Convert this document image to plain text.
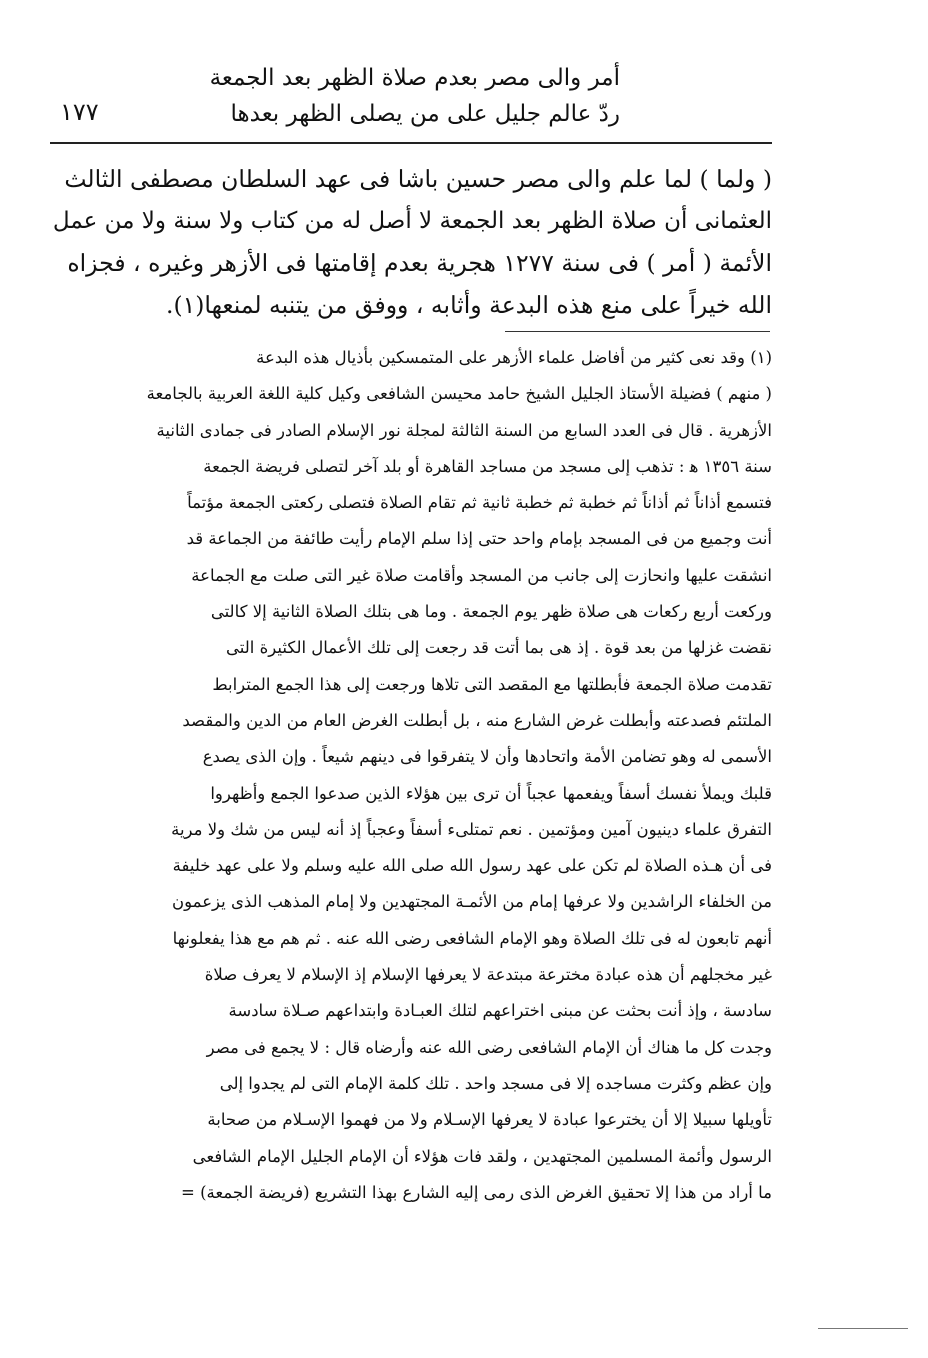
أمر والى مصر بعدم صلاة الظهر بعد الجمعة
ردّ عالم جليل على من يصلى الظهر بعدها
١٧٧
( ولما ) لما علم والى مصر حسين باشا فى عهد السلطان مصطفى الثالث
العثمانى أن صلاة الظهر بعد الجمعة لا أصل له من كتاب ولا سنة ولا من عمل
الأئمة ( أمر ) فى سنة ١٢٧٧ هجرية بعدم إقامتها فى الأزهر وغيره ، فجزاه
الله خيراً على منع هذه البدعة وأثابه ، ووفق من يتنبه لمنعها(١).
(١) وقد نعى كثير من أفاضل علماء الأزهر على المتمسكين بأذيال هذه البدعة
( منهم ) فضيلة الأستاذ الجليل الشيخ حامد محيسن الشافعى وكيل كلية اللغة العربية بالجامعة
الأزهرية . قال فى العدد السابع من السنة الثالثة لمجلة نور الإسلام الصادر فى جمادى الثانية
سنة ١٣٥٦ ﻫ : تذهب إلى مسجد من مساجد القاهرة أو بلد آخر لتصلى فريضة الجمعة
فتسمع أذاناً ثم أذاناً ثم خطبة ثم خطبة ثانية ثم تقام الصلاة فتصلى ركعتى الجمعة مؤتماً
أنت وجميع من فى المسجد بإمام واحد حتى إذا سلم الإمام رأيت طائفة من الجماعة قد
انشقت عليها وانحازت إلى جانب من المسجد وأقامت صلاة غير التى صلت مع الجماعة
وركعت أربع ركعات هى صلاة ظهر يوم الجمعة . وما هى بتلك الصلاة الثانية إلا كالتى
نقضت غزلها من بعد قوة . إذ هى بما أتت قد رجعت إلى تلك الأعمال الكثيرة التى
تقدمت صلاة الجمعة فأبطلتها مع المقصد التى تلاها ورجعت إلى هذا الجمع المترابط
الملتئم فصدعته وأبطلت غرض الشارع منه ، بل أبطلت الغرض العام من الدين والمقصد
الأسمى له وهو تضامن الأمة واتحادها وأن لا يتفرقوا فى دينهم شيعاً . وإن الذى يصدع
قلبك ويملأ نفسك أسفاً ويفعمها عجباً أن ترى بين هؤلاء الذين صدعوا الجمع وأظهروا
التفرق علماء دينيون آمين ومؤتمين . نعم تمتلىء أسفاً وعجباً إذ أنه ليس من شك ولا مرية
فى أن هـذه الصلاة لم تكن على عهد رسول الله صلى الله عليه وسلم ولا على عهد خليفة
من الخلفاء الراشدين ولا عرفها إمام من الأئمـة المجتهدين ولا إمام المذهب الذى يزعمون
أنهم تابعون له فى تلك الصلاة وهو الإمام الشافعى رضى الله عنه . ثم هم مع هذا يفعلونها
غير مخجلهم أن هذه عبادة مخترعة مبتدعة لا يعرفها الإسلام إذ الإسلام لا يعرف صلاة
سادسة ، وإذ أنت بحثت عن مبنى اختراعهم لتلك العبـادة وابتداعهم صـلاة سادسة
وجدت كل ما هناك أن الإمام الشافعى رضى الله عنه وأرضاه قال : لا يجمع فى مصر
وإن عظم وكثرت مساجده إلا فى مسجد واحد . تلك كلمة الإمام التى لم يجدوا إلى
تأويلها سبيلا إلا أن يخترعوا عبادة لا يعرفها الإسـلام ولا من فهموا الإسـلام من صحابة
الرسول وأئمة المسلمين المجتهدين ، ولقد فات هؤلاء أن الإمام الجليل الإمام الشافعى
ما أراد من هذا إلا تحقيق الغرض الذى رمى إليه الشارع بهذا التشريع (فريضة الجمعة) =
